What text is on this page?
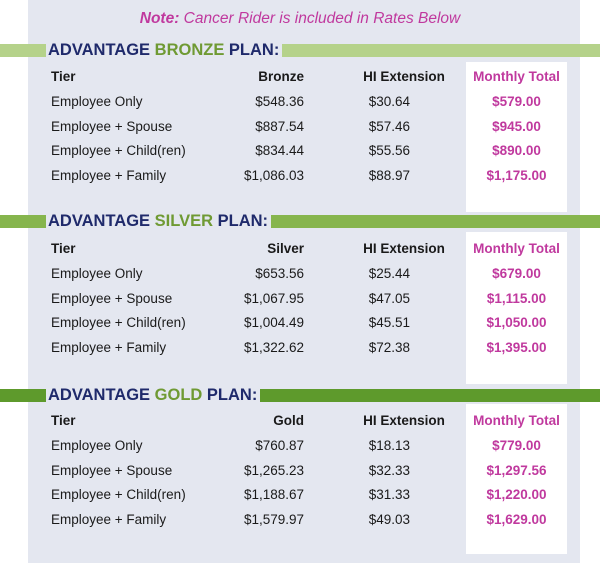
Note: Cancer Rider is included in Rates Below
ADVANTAGE BRONZE PLAN:
Tier	Bronze	HI Extension	Monthly Total
Employee Only	$548.36	$30.64	$579.00
Employee + Spouse	$887.54	$57.46	$945.00
Employee + Child(ren)	$834.44	$55.56	$890.00
Employee + Family	$1,086.03	$88.97	$1,175.00
ADVANTAGE SILVER PLAN:
Tier	Silver	HI Extension	Monthly Total
Employee Only	$653.56	$25.44	$679.00
Employee + Spouse	$1,067.95	$47.05	$1,115.00
Employee + Child(ren)	$1,004.49	$45.51	$1,050.00
Employee + Family	$1,322.62	$72.38	$1,395.00
ADVANTAGE GOLD PLAN:
Tier	Gold	HI Extension	Monthly Total
Employee Only	$760.87	$18.13	$779.00
Employee + Spouse	$1,265.23	$32.33	$1,297.56
Employee + Child(ren)	$1,188.67	$31.33	$1,220.00
Employee + Family	$1,579.97	$49.03	$1,629.00
